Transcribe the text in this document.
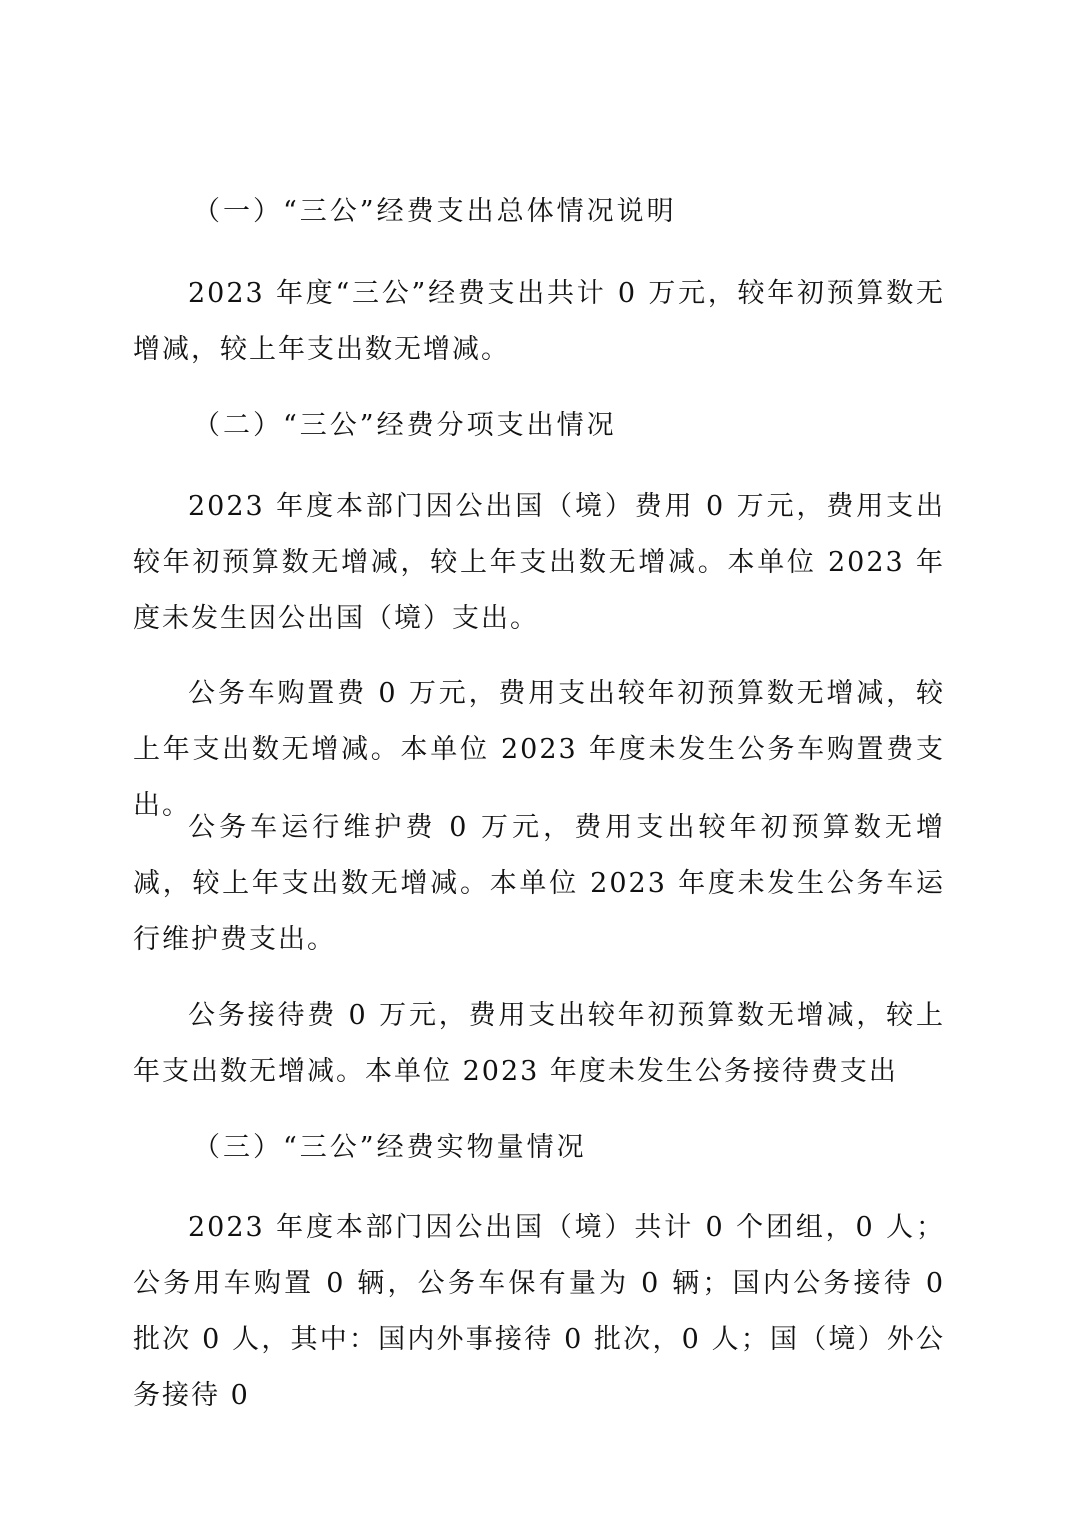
（一）“三公”经费支出总体情况说明

2023 年度“三公”经费支出共计 0 万元，较年初预算数无增减，较上年支出数无增减。

（二）“三公”经费分项支出情况

2023 年度本部门因公出国（境）费用 0 万元，费用支出较年初预算数无增减，较上年支出数无增减。本单位 2023 年度未发生因公出国（境）支出。

公务车购置费 0 万元，费用支出较年初预算数无增减，较上年支出数无增减。本单位 2023 年度未发生公务车购置费支出。

公务车运行维护费 0 万元，费用支出较年初预算数无增减，较上年支出数无增减。本单位 2023 年度未发生公务车运行维护费支出。

公务接待费 0 万元，费用支出较年初预算数无增减，较上年支出数无增减。本单位 2023 年度未发生公务接待费支出

（三）“三公”经费实物量情况

2023 年度本部门因公出国（境）共计 0 个团组，0 人；公务用车购置 0 辆，公务车保有量为 0 辆；国内公务接待 0 批次 0 人，其中：国内外事接待 0 批次，0 人；国（境）外公务接待 0
